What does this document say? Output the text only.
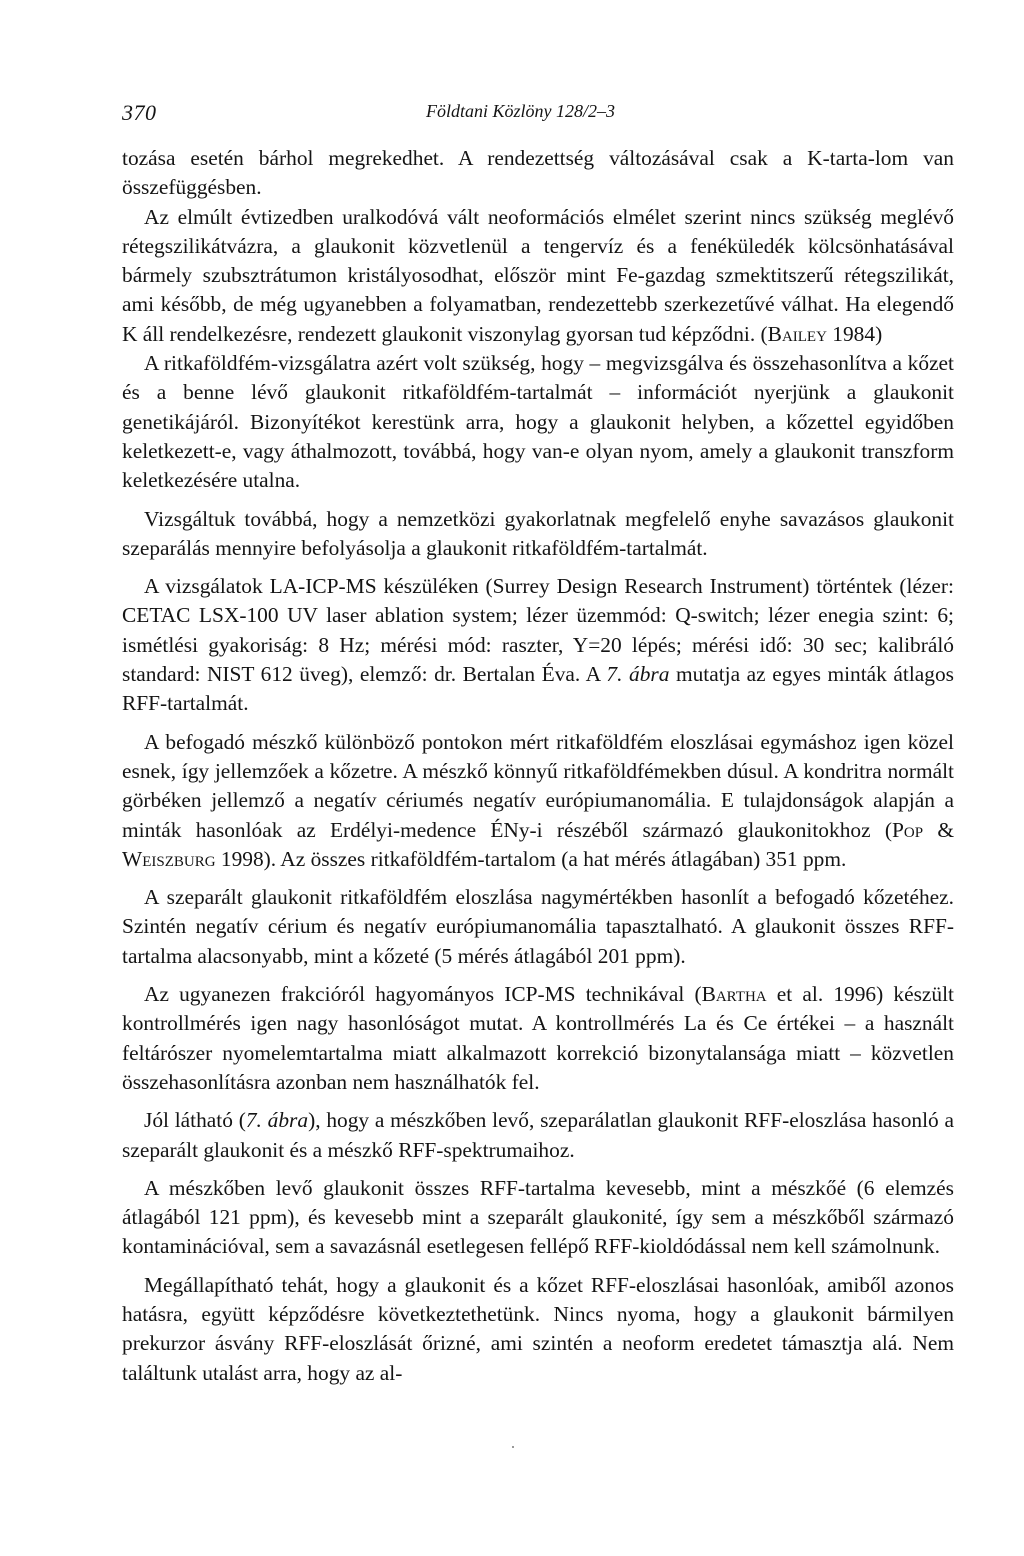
370	Földtani Közlöny 128/2–3

tozása esetén bárhol megrekedhet. A rendezettség változásával csak a K-tarta-lom van összefüggésben.

Az elmúlt évtizedben uralkodóvá vált neoformációs elmélet szerint nincs szükség meglévő rétegszilikátvázra, a glaukonit közvetlenül a tengervíz és a fenéküledék kölcsönhatásával bármely szubsztrátumon kristályosodhat, először mint Fe-gazdag szmektitszerű rétegszilikát, ami később, de még ugyanebben a folyamatban, rendezettebb szerkezetűvé válhat. Ha elegendő K áll rendelkezésre, rendezett glaukonit viszonylag gyorsan tud képződni. (Bailey 1984)

A ritkaföldfém-vizsgálatra azért volt szükség, hogy – megvizsgálva és összehasonlítva a kőzet és a benne lévő glaukonit ritkaföldfém-tartalmát – információt nyerjünk a glaukonit genetikájáról. Bizonyítékot kerestünk arra, hogy a glaukonit helyben, a kőzettel egyidőben keletkezett-e, vagy áthalmozott, továbbá, hogy van-e olyan nyom, amely a glaukonit transzform keletkezésére utalna.

Vizsgáltuk továbbá, hogy a nemzetközi gyakorlatnak megfelelő enyhe savazásos glaukonit szeparálás mennyire befolyásolja a glaukonit ritkaföldfém-tartalmát.

A vizsgálatok LA-ICP-MS készüléken (Surrey Design Research Instrument) történtek (lézer: CETAC LSX-100 UV laser ablation system; lézer üzemmód: Q-switch; lézer enegia szint: 6; ismétlési gyakoriság: 8 Hz; mérési mód: raszter, Y=20 lépés; mérési idő: 30 sec; kalibráló standard: NIST 612 üveg), elemző: dr. Bertalan Éva. A 7. ábra mutatja az egyes minták átlagos RFF-tartalmát.

A befogadó mészkő különböző pontokon mért ritkaföldfém eloszlásai egymáshoz igen közel esnek, így jellemzőek a kőzetre. A mészkő könnyű ritkaföldfémekben dúsul. A kondritra normált görbéken jellemző a negatív cériumés negatív európiumanomália. E tulajdonságok alapján a minták hasonlóak az Erdélyi-medence ÉNy-i részéből származó glaukonitokhoz (Pop & Weiszburg 1998). Az összes ritkaföldfém-tartalom (a hat mérés átlagában) 351 ppm.

A szeparált glaukonit ritkaföldfém eloszlása nagymértékben hasonlít a befogadó kőzetéhez. Szintén negatív cérium és negatív európiumanomália tapasztalható. A glaukonit összes RFF-tartalma alacsonyabb, mint a kőzeté (5 mérés átlagából 201 ppm).

Az ugyanezen frakcióról hagyományos ICP-MS technikával (Bartha et al. 1996) készült kontrollmérés igen nagy hasonlóságot mutat. A kontrollmérés La és Ce értékei – a használt feltárószer nyomelemtartalma miatt alkalmazott korrekció bizonytalansága miatt – közvetlen összehasonlításra azonban nem használhatók fel.

Jól látható (7. ábra), hogy a mészkőben levő, szeparálatlan glaukonit RFF-eloszlása hasonló a szeparált glaukonit és a mészkő RFF-spektrumaihoz.

A mészkőben levő glaukonit összes RFF-tartalma kevesebb, mint a mészkőé (6 elemzés átlagából 121 ppm), és kevesebb mint a szeparált glaukonité, így sem a mészkőből származó kontaminációval, sem a savazásnál esetlegesen fellépő RFF-kioldódással nem kell számolnunk.

Megállapítható tehát, hogy a glaukonit és a kőzet RFF-eloszlásai hasonlóak, amiből azonos hatásra, együtt képződésre következtethetünk. Nincs nyoma, hogy a glaukonit bármilyen prekurzor ásvány RFF-eloszlását őrizné, ami szintén a neoform eredetet támasztja alá. Nem találtunk utalást arra, hogy az al-
